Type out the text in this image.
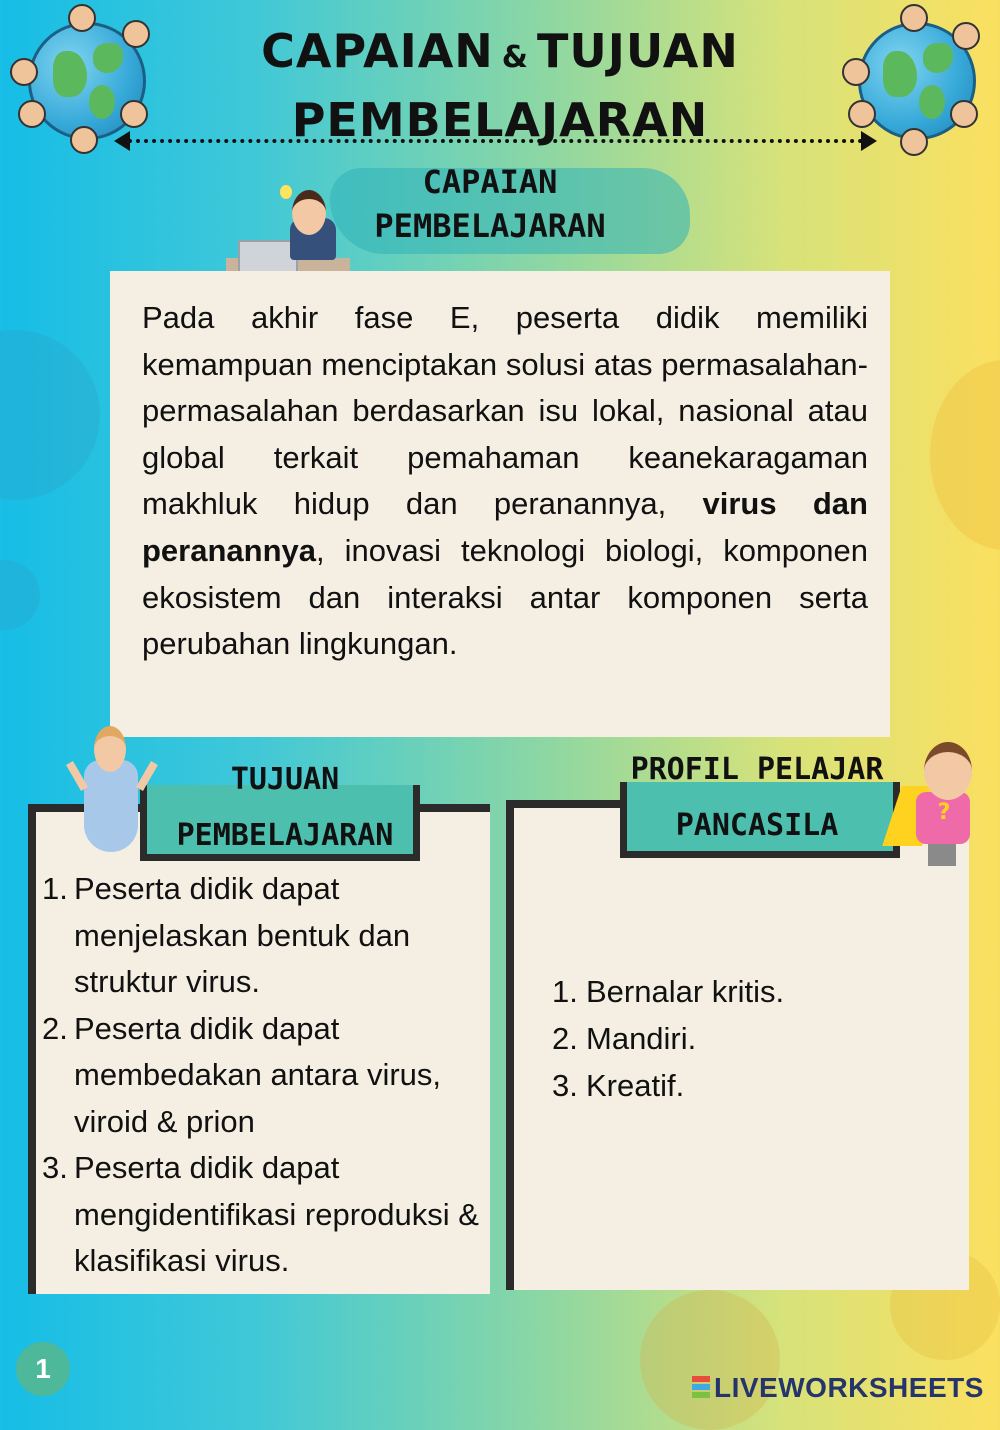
CAPAIAN & TUJUAN
PEMBELAJARAN
CAPAIAN
PEMBELAJARAN

Pada akhir fase E, peserta didik memiliki kemampuan menciptakan solusi atas permasalahan-permasalahan berdasarkan isu lokal, nasional atau global terkait pemahaman keanekaragaman makhluk hidup dan peranannya, virus dan peranannya, inovasi teknologi biologi, komponen ekosistem dan interaksi antar komponen serta perubahan lingkungan.

TUJUAN
PEMBELAJARAN
1. Peserta didik dapat menjelaskan bentuk dan struktur virus.
2. Peserta didik dapat membedakan antara virus, viroid & prion
3. Peserta didik dapat mengidentifikasi reproduksi & klasifikasi virus.
PROFIL PELAJAR
PANCASILA
1. Bernalar kritis.
2. Mandiri.
3. Kreatif.
?
1
LIVEWORKSHEETS
